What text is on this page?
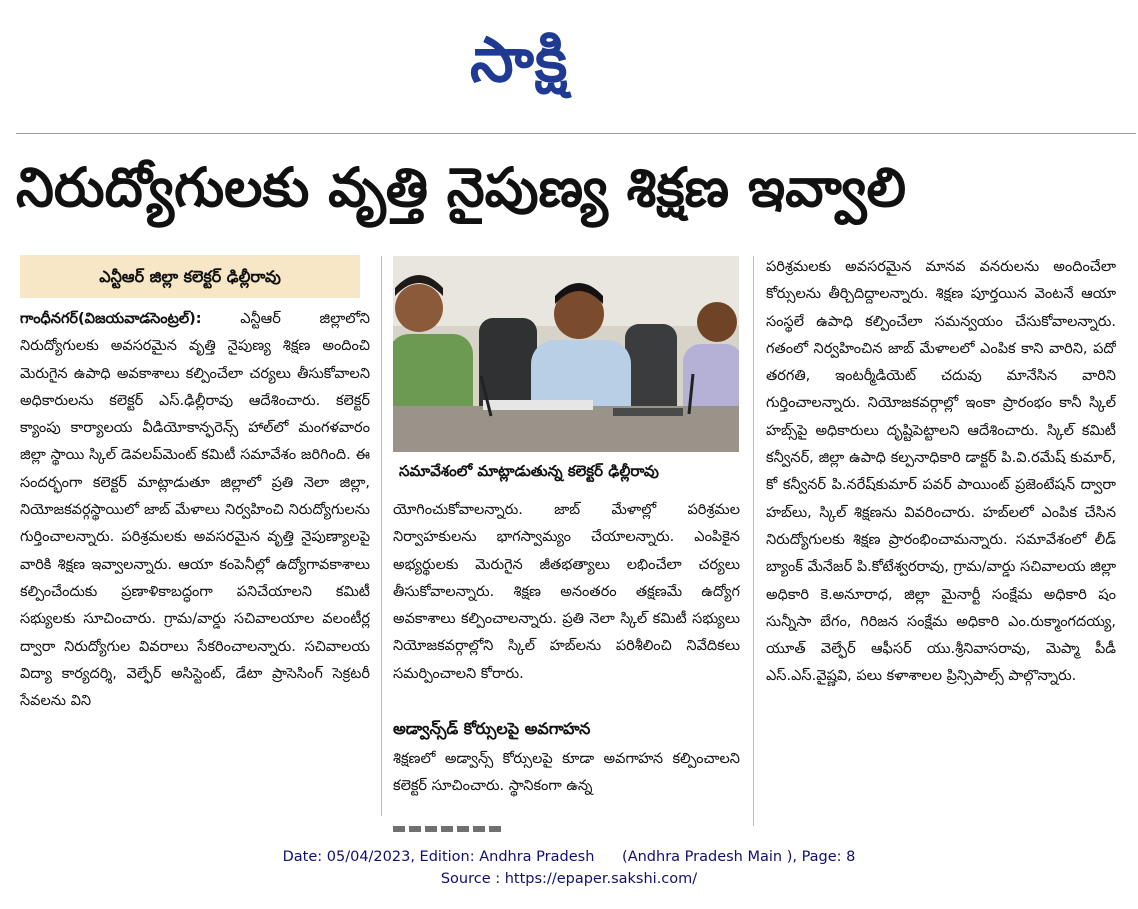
సాక్షి
నిరుద్యోగులకు వృత్తి నైపుణ్య శిక్షణ ఇవ్వాలి
ఎన్టీఆర్‌ జిల్లా కలెక్టర్‌ ఢిల్లీరావు
గాంధీనగర్‌(విజయవాడసెంట్రల్‌):	ఎన్టీఆర్‌ జిల్లాలోని నిరుద్యోగులకు అవసరమైన వృత్తి నైపుణ్య శిక్షణ అందించి మెరుగైన ఉపాధి అవకాశాలు కల్పించేలా చర్యలు తీసుకోవాలని అధికారులను కలెక్టర్‌ ఎస్‌.ఢిల్లీరావు ఆదేశించారు. కలెక్టర్‌ క్యాంపు కార్యాలయ వీడియోకాన్ఫరెన్స్‌ హాల్‌లో మంగళవారం జిల్లా స్థాయి స్కిల్‌ డెవలప్‌మెంట్‌ కమిటీ సమావేశం జరిగింది. ఈ సందర్భంగా కలెక్టర్‌ మాట్లాడుతూ జిల్లాలో ప్రతి నెలా జిల్లా, నియోజకవర్గస్థాయిలో జాబ్‌ మేళాలు నిర్వహించి నిరుద్యోగులను గుర్తించాలన్నారు. పరిశ్రమలకు అవసరమైన వృత్తి నైపుణ్యాలపై వారికి శిక్షణ ఇవ్వాలన్నారు. ఆయా కంపెనీల్లో ఉద్యోగావకాశాలు కల్పించేందుకు ప్రణాళికాబద్ధంగా పనిచేయాలని కమిటీ సభ్యులకు సూచించారు. గ్రామ/వార్డు సచివాలయాల వలంటీర్ల ద్వారా నిరుద్యోగుల వివరాలు సేకరించాలన్నారు. సచివాలయ విద్యా కార్యదర్శి, వెల్ఫేర్‌ అసిస్టెంట్‌, డేటా ప్రాసెసింగ్‌ సెక్రటరీ సేవలను విని
సమావేశంలో మాట్లాడుతున్న కలెక్టర్‌ ఢిల్లీరావు
యోగించుకోవాలన్నారు. జాబ్‌ మేళాల్లో పరిశ్రమల నిర్వాహకులను భాగస్వామ్యం చేయాలన్నారు. ఎంపికైన అభ్యర్థులకు మెరుగైన జీతభత్యాలు లభించేలా చర్యలు తీసుకోవాలన్నారు. శిక్షణ అనంతరం తక్షణమే ఉద్యోగ అవకాశాలు కల్పించాలన్నారు. ప్రతి నెలా స్కిల్‌ కమిటీ సభ్యులు నియోజకవర్గాల్లోని స్కిల్‌ హబ్‌లను పరిశీలించి నివేదికలు సమర్పించాలని కోరారు.
అడ్వాన్స్‌డ్‌ కోర్సులపై అవగాహన
శిక్షణలో అడ్వాన్స్‌ కోర్సులపై కూడా అవగాహన కల్పించాలని కలెక్టర్‌ సూచించారు. స్థానికంగా ఉన్న
పరిశ్రమలకు అవసరమైన మానవ వనరులను అందించేలా కోర్సులను తీర్చిదిద్దాలన్నారు. శిక్షణ పూర్తయిన వెంటనే ఆయా సంస్థలే ఉపాధి కల్పించేలా సమన్వయం చేసుకోవాలన్నారు. గతంలో నిర్వహించిన జాబ్‌ మేళాలలో ఎంపిక కాని వారిని, పదో తరగతి, ఇంటర్మీడియెట్‌ చదువు మానేసిన వారిని గుర్తించాలన్నారు. నియోజకవర్గాల్లో ఇంకా ప్రారంభం కానీ స్కిల్‌ హబ్స్‌పై అధికారులు దృష్టిపెట్టాలని ఆదేశించారు. స్కిల్‌ కమిటీ కన్వీనర్‌, జిల్లా ఉపాధి కల్పనాధికారి డాక్టర్‌ పి.వి.రమేష్‌ కుమార్‌, కో కన్వీనర్‌ పి.నరేష్‌కుమార్‌ పవర్‌ పాయింట్‌ ప్రజెంటేషన్‌ ద్వారా హబ్‌లు, స్కిల్‌ శిక్షణను వివరించారు. హబ్‌లలో ఎంపిక చేసిన నిరుద్యోగులకు శిక్షణ ప్రారంభించామన్నారు. సమావేశంలో లీడ్‌ బ్యాంక్‌ మేనేజర్‌ పి.కోటేశ్వరరావు, గ్రామ/వార్డు సచివాలయ జిల్లా అధికారి కె.అనూరాధ, జిల్లా మైనార్టీ సంక్షేమ అధికారి షం సున్నీసా బేగం, గిరిజన సంక్షేమ అధికారి ఎం.రుక్మాంగదయ్య, యూత్‌ వెల్ఫేర్‌ ఆఫీసర్‌ యు.శ్రీనివాసరావు, మెప్మా పీడీ ఎస్‌.ఎస్‌.వైష్ణవి, పలు కళాశాలల ప్రిన్సిపాల్స్‌ పాల్గొన్నారు.
Date: 05/04/2023, Edition: Andhra Pradesh      (Andhra Pradesh Main ), Page: 8
Source : https://epaper.sakshi.com/
